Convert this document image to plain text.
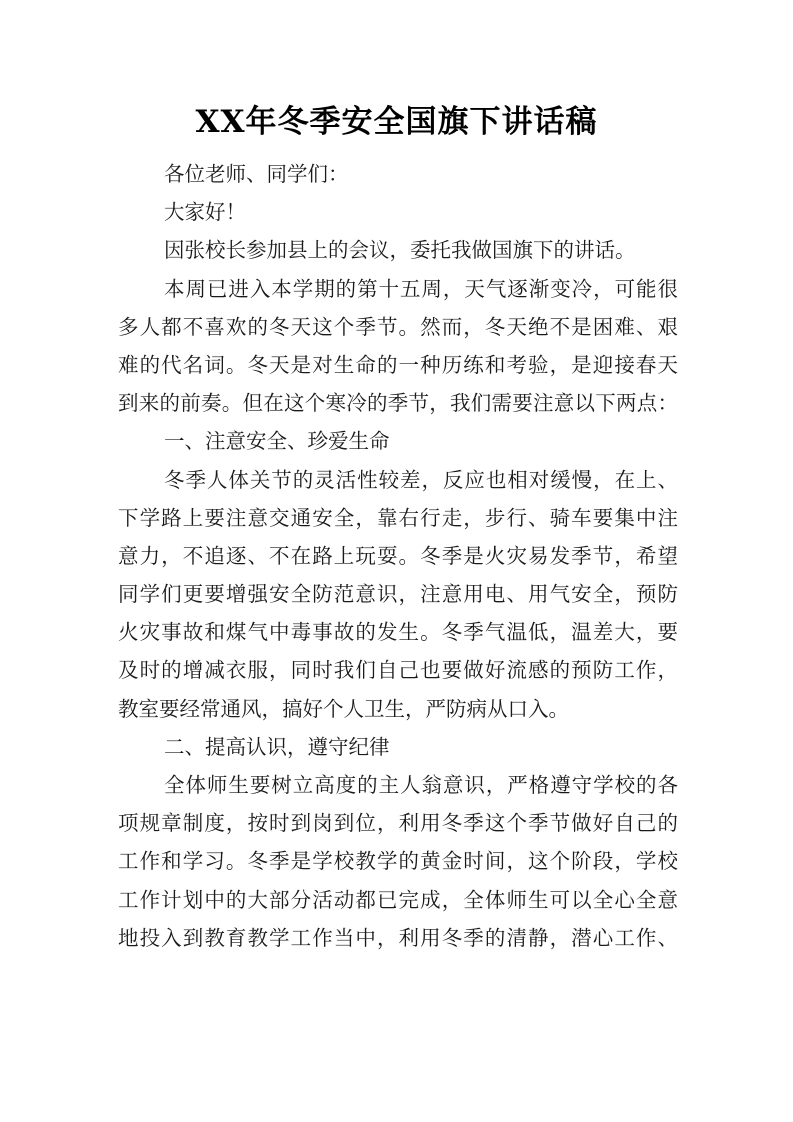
XX年冬季安全国旗下讲话稿
各位老师、同学们：
大家好！
因张校长参加县上的会议，委托我做国旗下的讲话。
本周已进入本学期的第十五周，天气逐渐变冷，可能很
多人都不喜欢的冬天这个季节。然而，冬天绝不是困难、艰
难的代名词。冬天是对生命的一种历练和考验，是迎接春天
到来的前奏。但在这个寒冷的季节，我们需要注意以下两点：
一、注意安全、珍爱生命
冬季人体关节的灵活性较差，反应也相对缓慢，在上、
下学路上要注意交通安全，靠右行走，步行、骑车要集中注
意力，不追逐、不在路上玩耍。冬季是火灾易发季节，希望
同学们更要增强安全防范意识，注意用电、用气安全，预防
火灾事故和煤气中毒事故的发生。冬季气温低，温差大，要
及时的增减衣服，同时我们自己也要做好流感的预防工作，
教室要经常通风，搞好个人卫生，严防病从口入。
二、提高认识，遵守纪律
全体师生要树立高度的主人翁意识，严格遵守学校的各
项规章制度，按时到岗到位，利用冬季这个季节做好自己的
工作和学习。冬季是学校教学的黄金时间，这个阶段，学校
工作计划中的大部分活动都已完成，全体师生可以全心全意
地投入到教育教学工作当中，利用冬季的清静，潜心工作、
